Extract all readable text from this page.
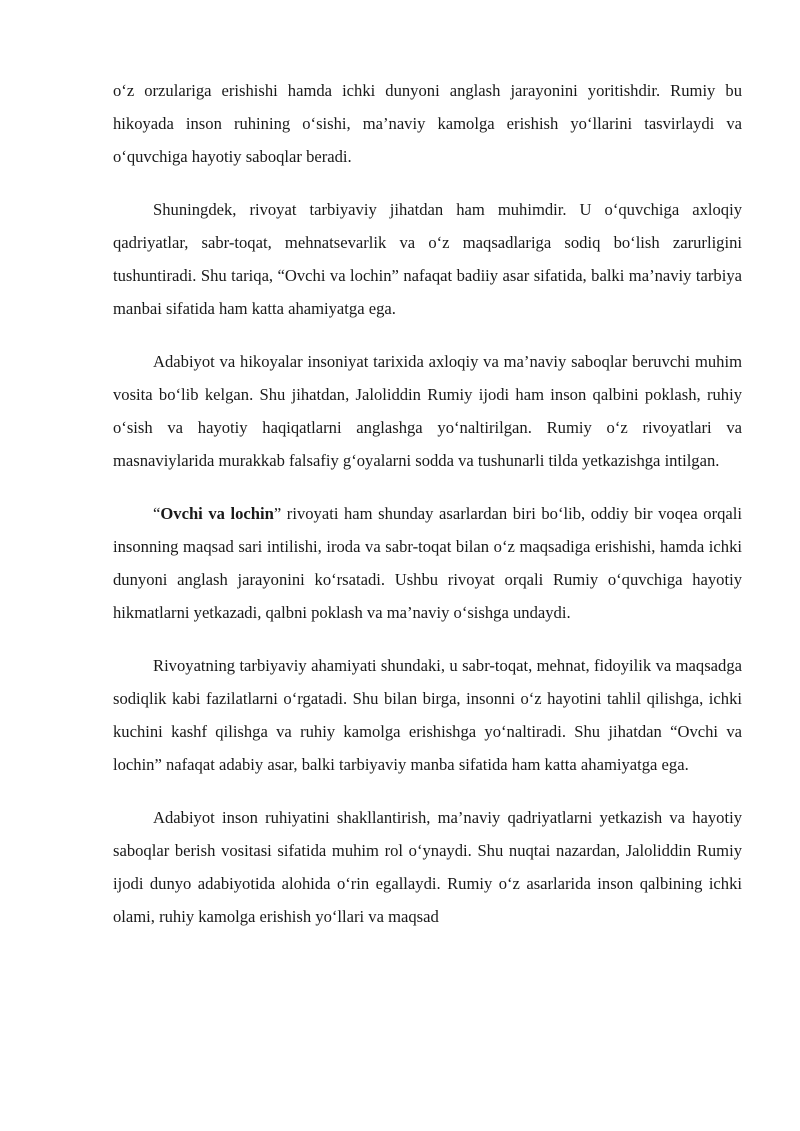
o‘z orzulariga erishishi hamda ichki dunyoni anglash jarayonini yoritishdir. Rumiy bu hikoyada inson ruhining o‘sishi, ma’naviy kamolga erishish yo‘llarini tasvirlaydi va o‘quvchiga hayotiy saboqlar beradi.

Shuningdek, rivoyat tarbiyaviy jihatdan ham muhimdir. U o‘quvchiga axloqiy qadriyatlar, sabr-toqat, mehnatsevarlik va o‘z maqsadlariga sodiq bo‘lish zarurligini tushuntiradi. Shu tariqa, “Ovchi va lochin” nafaqat badiiy asar sifatida, balki ma’naviy tarbiya manbai sifatida ham katta ahamiyatga ega.

Adabiyot va hikoyalar insoniyat tarixida axloqiy va ma’naviy saboqlar beruvchi muhim vosita bo‘lib kelgan. Shu jihatdan, Jaloliddin Rumiy ijodi ham inson qalbini poklash, ruhiy o‘sish va hayotiy haqiqatlarni anglashga yo‘naltirilgan. Rumiy o‘z rivoyatlari va masnaviylarida murakkab falsafiy g‘oyalarni sodda va tushunarli tilda yetkazishga intilgan.

“Ovchi va lochin” rivoyati ham shunday asarlardan biri bo‘lib, oddiy bir voqea orqali insonning maqsad sari intilishi, iroda va sabr-toqat bilan o‘z maqsadiga erishishi, hamda ichki dunyoni anglash jarayonini ko‘rsatadi. Ushbu rivoyat orqali Rumiy o‘quvchiga hayotiy hikmatlarni yetkazadi, qalbni poklash va ma’naviy o‘sishga undaydi.

Rivoyatning tarbiyaviy ahamiyati shundaki, u sabr-toqat, mehnat, fidoyilik va maqsadga sodiqlik kabi fazilatlarni o‘rgatadi. Shu bilan birga, insonni o‘z hayotini tahlil qilishga, ichki kuchini kashf qilishga va ruhiy kamolga erishishga yo‘naltiradi. Shu jihatdan “Ovchi va lochin” nafaqat adabiy asar, balki tarbiyaviy manba sifatida ham katta ahamiyatga ega.

Adabiyot inson ruhiyatini shakllantirish, ma’naviy qadriyatlarni yetkazish va hayotiy saboqlar berish vositasi sifatida muhim rol o‘ynaydi. Shu nuqtai nazardan, Jaloliddin Rumiy ijodi dunyo adabiyotida alohida o‘rin egallaydi. Rumiy o‘z asarlarida inson qalbining ichki olami, ruhiy kamolga erishish yo‘llari va maqsad
